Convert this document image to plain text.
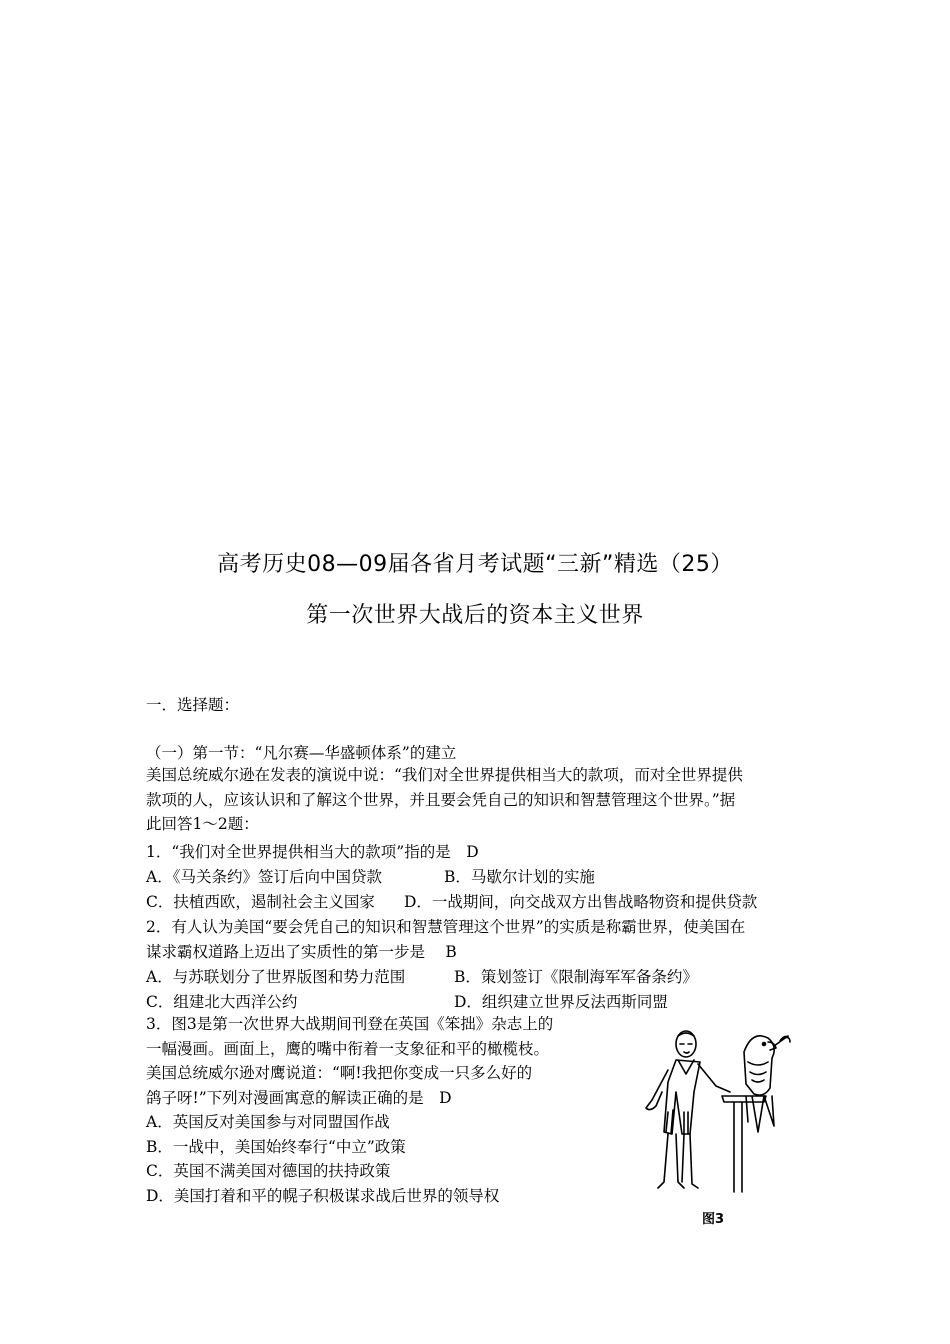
高考历史08—09届各省月考试题“三新”精选（25）
第一次世界大战后的资本主义世界
一．选择题：
（一）第一节：“凡尔赛—华盛顿体系”的建立
美国总统威尔逊在发表的演说中说：“我们对全世界提供相当大的款项，而对全世界提供
款项的人，应该认识和了解这个世界，并且要会凭自己的知识和智慧管理这个世界。”据
此回答1～2题：
1．“我们对全世界提供相当大的款项”指的是　D
A．《马关条约》签订后向中国贷款	B．马歇尔计划的实施
C．扶植西欧，遏制社会主义国家 D．一战期间，向交战双方出售战略物资和提供贷款
2．有人认为美国“要会凭自己的知识和智慧管理这个世界”的实质是称霸世界，使美国在
谋求霸权道路上迈出了实质性的第一步是　 B
A．与苏联划分了世界版图和势力范围	B．策划签订《限制海军军备条约》
C．组建北大西洋公约	D．组织建立世界反法西斯同盟
3．图3是第一次世界大战期间刊登在英国《笨拙》杂志上的
一幅漫画。画面上，鹰的嘴中衔着一支象征和平的橄榄枝。
美国总统威尔逊对鹰说道：“啊!我把你变成一只多么好的
鸽子呀!”下列对漫画寓意的解读正确的是　D
A．英国反对美国参与对同盟国作战
B．一战中，美国始终奉行“中立”政策
C．英国不满美国对德国的扶持政策
D．美国打着和平的幌子积极谋求战后世界的领导权
图3
